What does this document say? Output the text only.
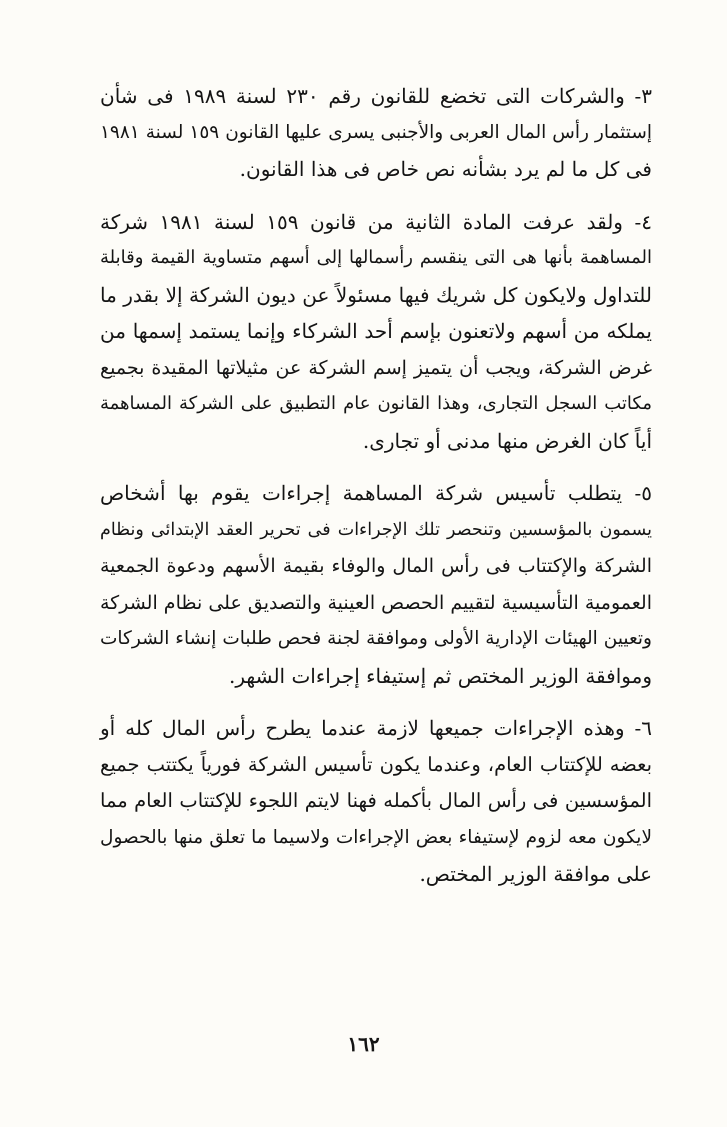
٣- والشركات التى تخضع للقانون رقم ٢٣٠ لسنة ١٩٨٩ فى شأن
إستثمار رأس المال العربى والأجنبى يسرى عليها القانون ١٥٩ لسنة ١٩٨١
فى كل ما لم يرد بشأنه نص خاص فى هذا القانون.
٤- ولقد عرفت المادة الثانية من قانون ١٥٩ لسنة ١٩٨١ شركة
المساهمة بأنها هى التى ينقسم رأسمالها إلى أسهم متساوية القيمة وقابلة
للتداول ولايكون كل شريك فيها مسئولاً عن ديون الشركة إلا بقدر ما
يملكه من أسهم ولاتعنون بإسم أحد الشركاء وإنما يستمد إسمها من
غرض الشركة، ويجب أن يتميز إسم الشركة عن مثيلاتها المقيدة بجميع
مكاتب السجل التجارى، وهذا القانون عام التطبيق على الشركة المساهمة
أياً كان الغرض منها مدنى أو تجارى.
٥- يتطلب تأسيس شركة المساهمة إجراءات يقوم بها أشخاص
يسمون بالمؤسسين وتنحصر تلك الإجراءات فى تحرير العقد الإبتدائى ونظام
الشركة والإكتتاب فى رأس المال والوفاء بقيمة الأسهم ودعوة الجمعية
العمومية التأسيسية لتقييم الحصص العينية والتصديق على نظام الشركة
وتعيين الهيئات الإدارية الأولى وموافقة لجنة فحص طلبات إنشاء الشركات
وموافقة الوزير المختص ثم إستيفاء إجراءات الشهر.
٦- وهذه الإجراءات جميعها لازمة عندما يطرح رأس المال كله أو
بعضه للإكتتاب العام، وعندما يكون تأسيس الشركة فورياً يكتتب جميع
المؤسسين فى رأس المال بأكمله فهنا لايتم اللجوء للإكتتاب العام مما
لايكون معه لزوم لإستيفاء بعض الإجراءات ولاسيما ما تعلق منها بالحصول
على موافقة الوزير المختص.
١٦٢
